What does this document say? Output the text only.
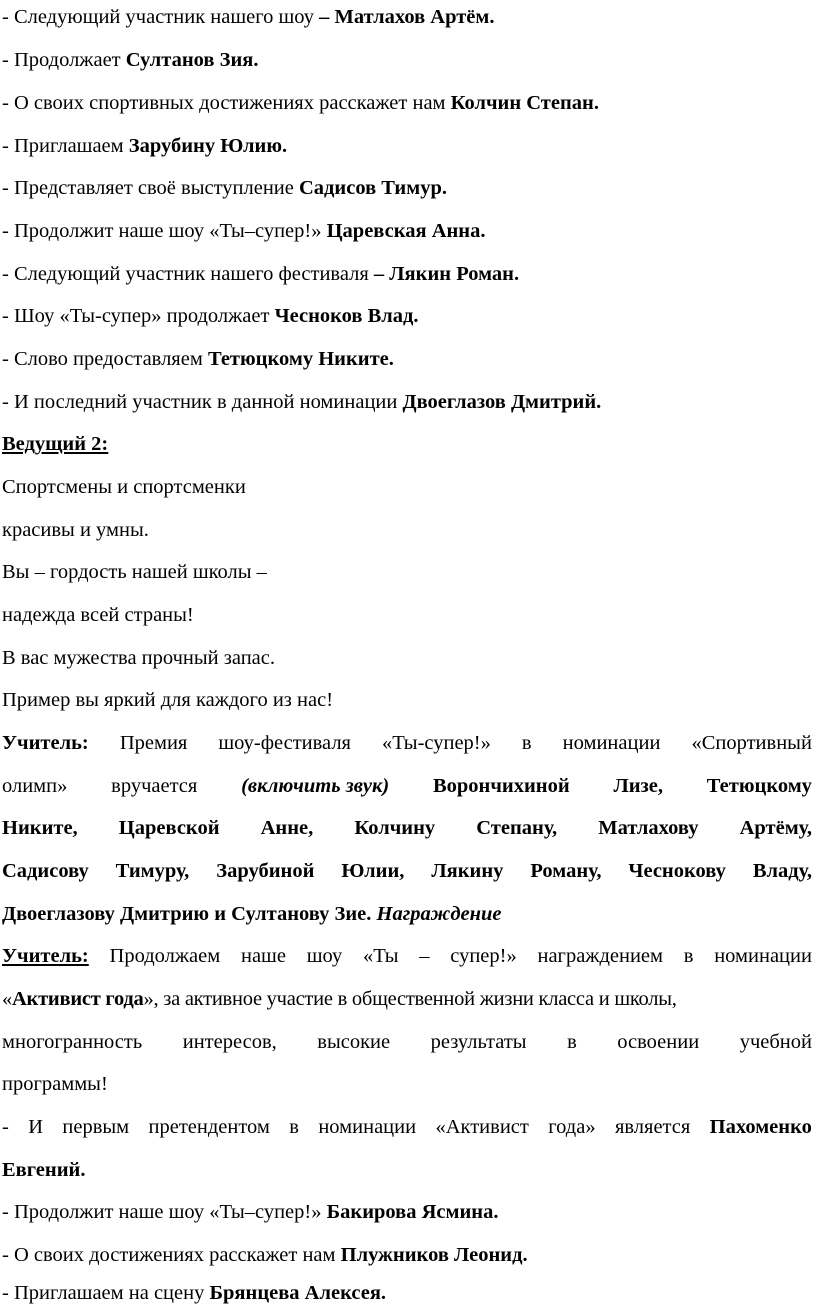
- Следующий участник нашего шоу – Матлахов Артём.

- Продолжает Султанов Зия.

- О своих спортивных достижениях расскажет нам Колчин Степан.

- Приглашаем Зарубину Юлию.

- Представляет своё выступление Садисов Тимур.

- Продолжит наше шоу «Ты–супер!» Царевская Анна.

- Следующий участник нашего фестиваля – Лякин Роман.

- Шоу «Ты-супер» продолжает Чесноков Влад.

- Слово предоставляем Тетюцкому Никите.

- И последний участник в данной номинации Двоеглазов Дмитрий.

Ведущий 2:

Спортсмены и спортсменки

красивы и умны.

Вы – гордость нашей школы –

надежда всей страны!

В вас мужества прочный запас.

Пример вы яркий для каждого из нас!

Учитель: Премия шоу-фестиваля «Ты-супер!» в номинации «Спортивный
олимп» вручается (включить звук) Ворончихиной Лизе, Тетюцкому
Никите, Царевской Анне, Колчину Степану, Матлахову Артёму,
Садисову Тимуру, Зарубиной Юлии, Лякину Роману, Чеснокову Владу,

Двоеглазову Дмитрию и Султанову Зие. Награждение

Учитель: Продолжаем наше шоу «Ты – супер!» награждением в номинации

«Активист года», за активное участие в общественной жизни класса и школы,

многогранность интересов, высокие результаты в освоении учебной

программы!

- И первым претендентом в номинации «Активист года» является Пахоменко

Евгений.

- Продолжит наше шоу «Ты–супер!» Бакирова Ясмина.

- О своих достижениях расскажет нам Плужников Леонид.

- Приглашаем на сцену Брянцева Алексея.
